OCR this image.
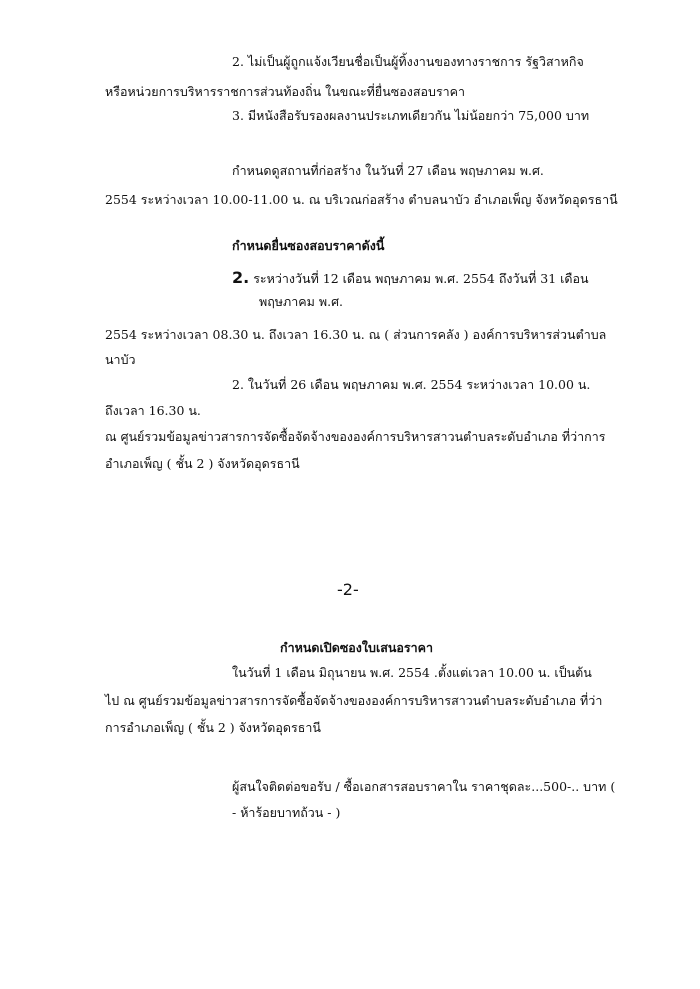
2. ไม่เป็นผู้ถูกแจ้งเวียนชื่อเป็นผู้ทิ้งงานของทางราชการ รัฐวิสาหกิจ
หรือหน่วยการบริหารราชการส่วนท้องถิ่น ในขณะที่ยื่นซองสอบราคา
3. มีหนังสือรับรองผลงานประเภทเดียวกัน ไม่น้อยกว่า 75,000 บาท
กำหนดดูสถานที่ก่อสร้าง ในวันที่ 27 เดือน พฤษภาคม พ.ศ.
2554 ระหว่างเวลา 10.00-11.00 น. ณ บริเวณก่อสร้าง ตำบลนาบัว อำเภอเพ็ญ จังหวัดอุดรธานี
กำหนดยื่นซองสอบราคาดังนี้
2. ระหว่างวันที่ 12 เดือน พฤษภาคม พ.ศ. 2554 ถึงวันที่ 31 เดือน
พฤษภาคม พ.ศ.
2554 ระหว่างเวลา 08.30 น. ถึงเวลา 16.30 น. ณ ( ส่วนการคลัง ) องค์การบริหารส่วนตำบล
นาบัว
2. ในวันที่ 26 เดือน พฤษภาคม พ.ศ. 2554 ระหว่างเวลา 10.00 น.
ถึงเวลา 16.30 น.
ณ ศูนย์รวมข้อมูลข่าวสารการจัดซื้อจัดจ้างขององค์การบริหารสาวนตำบลระดับอำเภอ ที่ว่าการ
อำเภอเพ็ญ ( ชั้น 2 ) จังหวัดอุดรธานี
-2-
กำหนดเปิดซองใบเสนอราคา
ในวันที่ 1 เดือน มิถุนายน พ.ศ. 2554 .ตั้งแต่เวลา 10.00 น. เป็นต้น
ไป ณ ศูนย์รวมข้อมูลข่าวสารการจัดซื้อจัดจ้างขององค์การบริหารสาวนตำบลระดับอำเภอ ที่ว่า
การอำเภอเพ็ญ ( ชั้น 2 ) จังหวัดอุดรธานี
ผู้สนใจติดต่อขอรับ / ซื้อเอกสารสอบราคาใน ราคาชุดละ...500-.. บาท (
- ห้าร้อยบาทถ้วน - )
